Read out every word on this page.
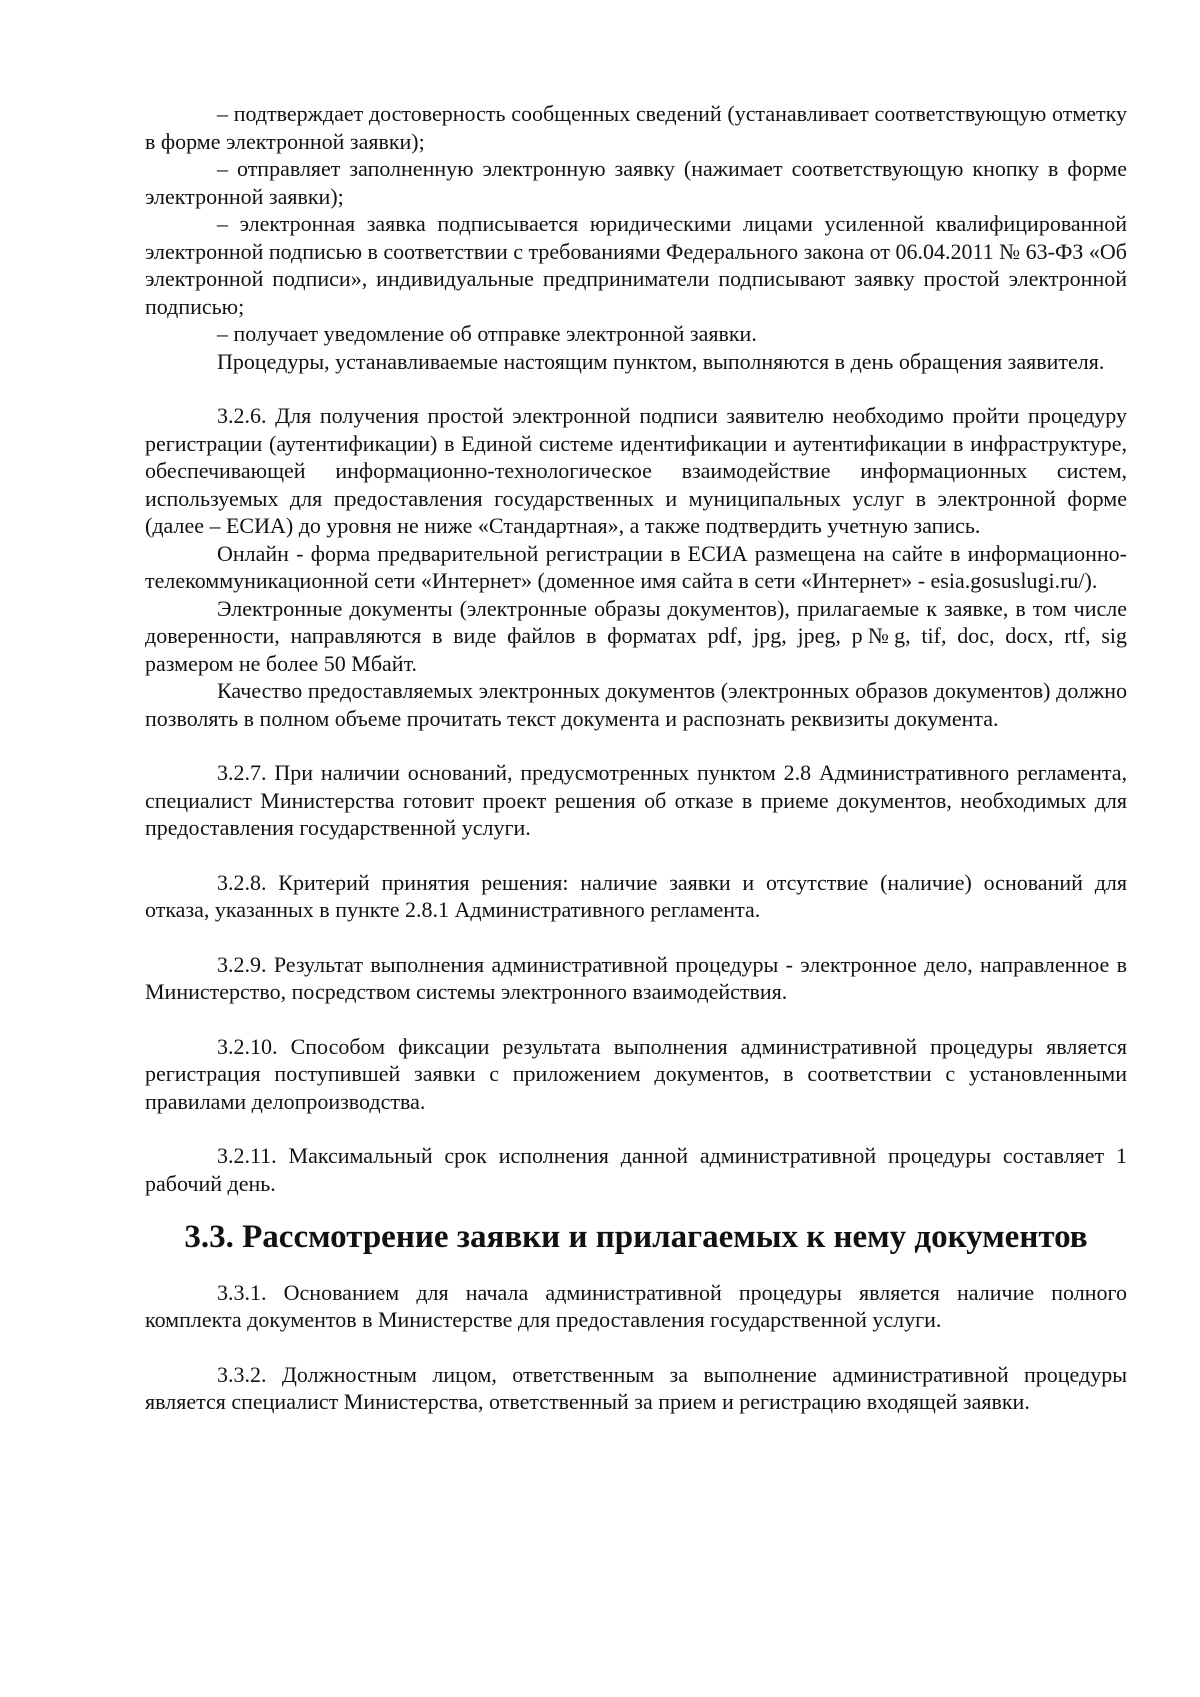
– подтверждает достоверность сообщенных сведений (устанавливает соответствующую отметку в форме электронной заявки);

– отправляет заполненную электронную заявку (нажимает соответствующую кнопку в форме электронной заявки);

– электронная заявка подписывается юридическими лицами усиленной квалифицированной электронной подписью в соответствии с требованиями Федерального закона от 06.04.2011 № 63-ФЗ «Об электронной подписи», индивидуальные предприниматели подписывают заявку простой электронной подписью;

– получает уведомление об отправке электронной заявки.

Процедуры, устанавливаемые настоящим пунктом, выполняются в день обращения заявителя.

3.2.6. Для получения простой электронной подписи заявителю необходимо пройти процедуру регистрации (аутентификации) в Единой системе идентификации и аутентификации в инфраструктуре, обеспечивающей информационно-технологическое взаимодействие информационных систем, используемых для предоставления государственных и муниципальных услуг в электронной форме (далее – ЕСИА) до уровня не ниже «Стандартная», а также подтвердить учетную запись.

Онлайн - форма предварительной регистрации в ЕСИА размещена на сайте в информационно-телекоммуникационной сети «Интернет» (доменное имя сайта в сети «Интернет» - esia.gosuslugi.ru/).

Электронные документы (электронные образы документов), прилагаемые к заявке, в том числе доверенности, направляются в виде файлов в форматах pdf, jpg, jpeg, p№g, tif, doc, docx, rtf, sig размером не более 50 Мбайт.

Качество предоставляемых электронных документов (электронных образов документов) должно позволять в полном объеме прочитать текст документа и распознать реквизиты документа.

3.2.7. При наличии оснований, предусмотренных пунктом 2.8 Административного регламента, специалист Министерства готовит проект решения об отказе в приеме документов, необходимых для предоставления государственной услуги.

3.2.8. Критерий принятия решения: наличие заявки и отсутствие (наличие) оснований для отказа, указанных в пункте 2.8.1 Административного регламента.

3.2.9. Результат выполнения административной процедуры - электронное дело, направленное в Министерство, посредством системы электронного взаимодействия.

3.2.10. Способом фиксации результата выполнения административной процедуры является регистрация поступившей заявки с приложением документов, в соответствии с установленными правилами делопроизводства.

3.2.11. Максимальный срок исполнения данной административной процедуры составляет 1 рабочий день.

3.3. Рассмотрение заявки и прилагаемых к нему документов

3.3.1. Основанием для начала административной процедуры является наличие полного комплекта документов в Министерстве для предоставления государственной услуги.

3.3.2. Должностным лицом, ответственным за выполнение административной процедуры является специалист Министерства, ответственный за прием и регистрацию входящей заявки.
